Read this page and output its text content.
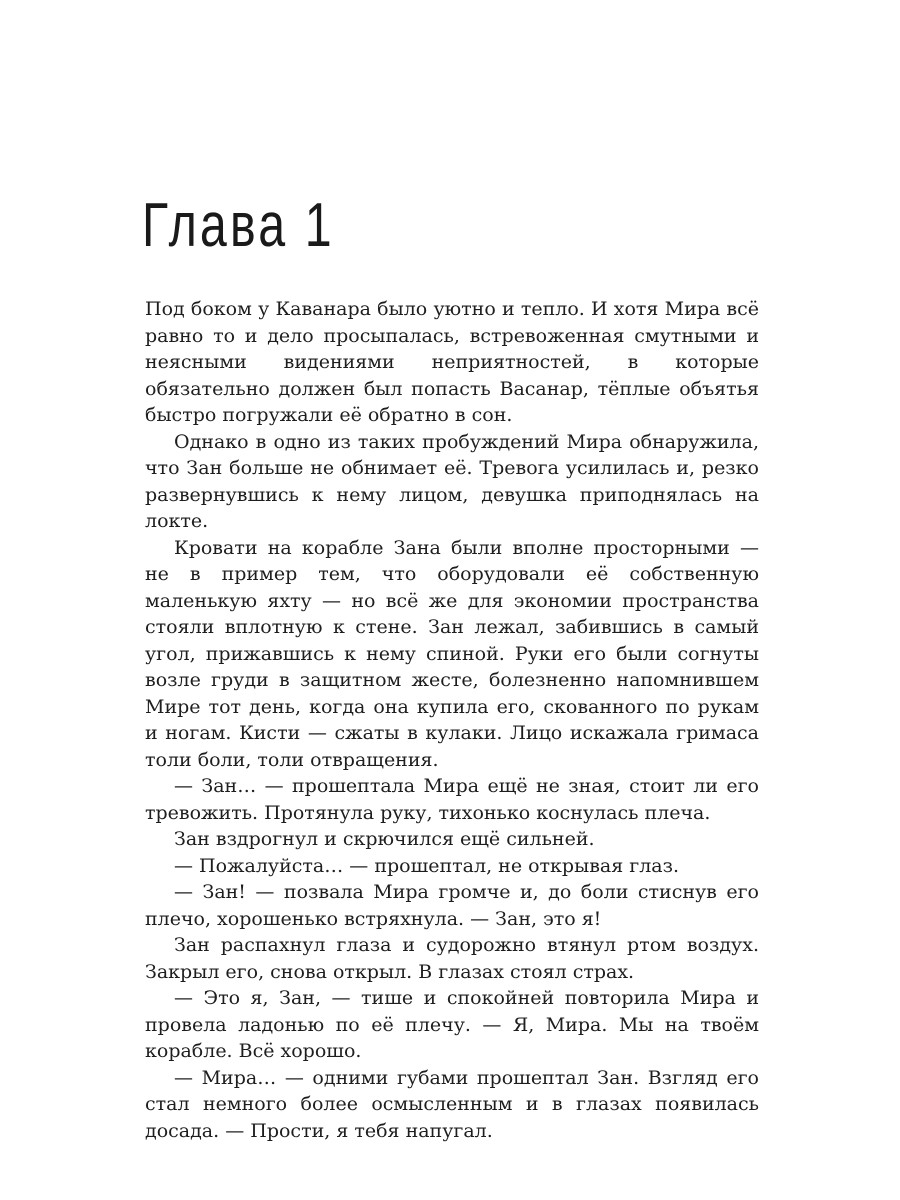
Глава 1

Под боком у Каванара было уютно и тепло. И хотя Мира всё равно то и дело просыпалась, встревоженная смутными и неясными видениями неприятностей, в которые обязательно должен был попасть Васанар, тёплые объятья быстро погружали её обратно в сон.

Однако в одно из таких пробуждений Мира обнаружила, что Зан больше не обнимает её. Тревога усилилась и, резко развернувшись к нему лицом, девушка приподнялась на локте.

Кровати на корабле Зана были вполне просторными — не в пример тем, что оборудовали её собственную маленькую яхту — но всё же для экономии пространства стояли вплотную к стене. Зан лежал, забившись в самый угол, прижавшись к нему спиной. Руки его были согнуты возле груди в защитном жесте, болезненно напомнившем Мире тот день, когда она купила его, скованного по рукам и ногам. Кисти — сжаты в кулаки. Лицо искажала гримаса толи боли, толи отвращения.

— Зан… — прошептала Мира ещё не зная, стоит ли его тревожить. Протянула руку, тихонько коснулась плеча.

Зан вздрогнул и скрючился ещё сильней.

— Пожалуйста… — прошептал, не открывая глаз.

— Зан! — позвала Мира громче и, до боли стиснув его плечо, хорошенько встряхнула. — Зан, это я!

Зан распахнул глаза и судорожно втянул ртом воздух. Закрыл его, снова открыл. В глазах стоял страх.

— Это я, Зан, — тише и спокойней повторила Мира и провела ладонью по её плечу. — Я, Мира. Мы на твоём корабле. Всё хорошо.

— Мира… — одними губами прошептал Зан. Взгляд его стал немного более осмысленным и в глазах появилась досада. — Прости, я тебя напугал.
